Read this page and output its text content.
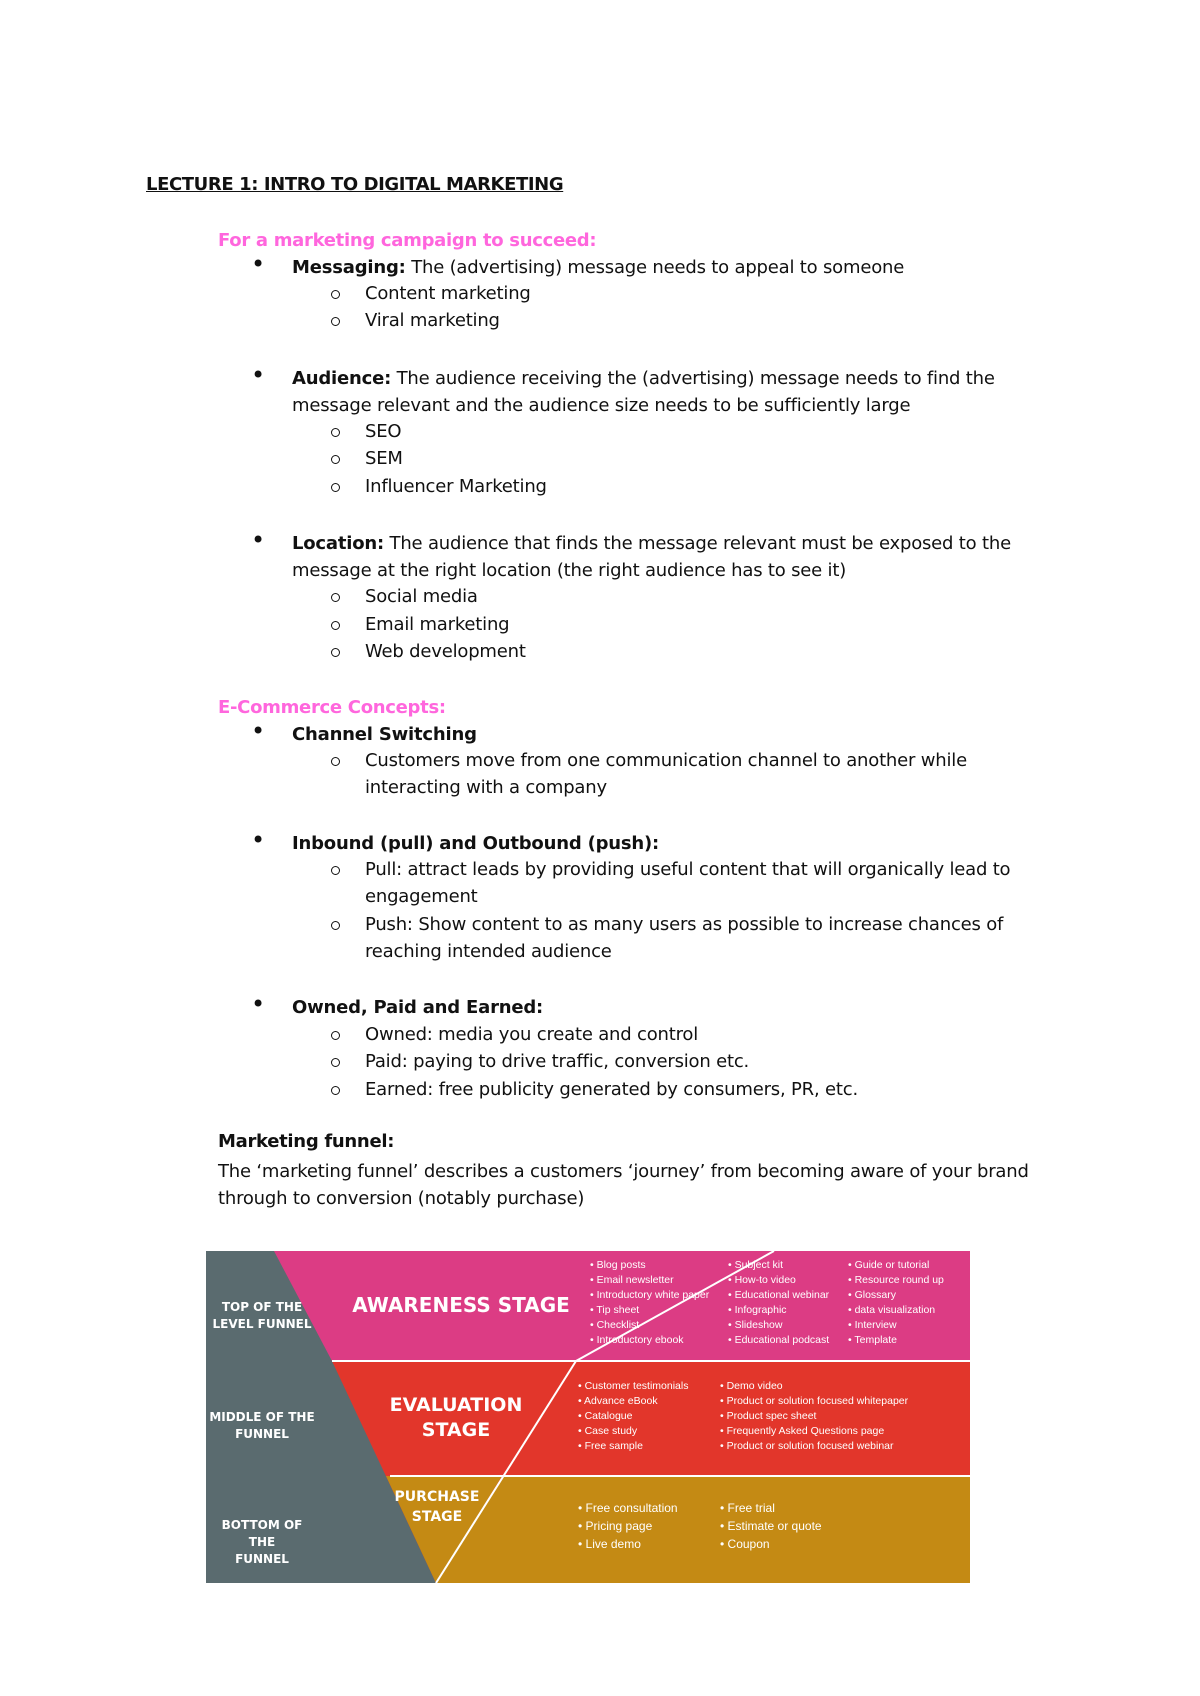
LECTURE 1: INTRO TO DIGITAL MARKETING
For a marketing campaign to succeed:
•
Messaging: The (advertising) message needs to appeal to someone
Content marketing
Viral marketing
•
Audience: The audience receiving the (advertising) message needs to find the
message relevant and the audience size needs to be sufficiently large
SEO
SEM
Influencer Marketing
•
Location: The audience that finds the message relevant must be exposed to the
message at the right location (the right audience has to see it)
Social media
Email marketing
Web development
E-Commerce Concepts:
•
Channel Switching
Customers move from one communication channel to another while
interacting with a company
•
Inbound (pull) and Outbound (push):
Pull: attract leads by providing useful content that will organically lead to
engagement
Push: Show content to as many users as possible to increase chances of
reaching intended audience
•
Owned, Paid and Earned:
Owned: media you create and control
Paid: paying to drive traffic, conversion etc.
Earned: free publicity generated by consumers, PR, etc.
Marketing funnel:
The ‘marketing funnel’ describes a customers ‘journey’ from becoming aware of your brand
through to conversion (notably purchase)
TOP OF THE
LEVEL FUNNEL
MIDDLE OF THE
FUNNEL
BOTTOM OF THE
FUNNEL
AWARENESS STAGE
EVALUATION
STAGE
PURCHASE
STAGE
• Blog posts
• Email newsletter
• Introductory white paper
• Tip sheet
• Checklist
• Introductory ebook
• Subject kit
• How-to video
• Educational webinar
• Infographic
• Slideshow
• Educational podcast
• Guide or tutorial
• Resource round up
• Glossary
• data visualization
• Interview
• Template
• Customer testimonials
• Advance eBook
• Catalogue
• Case study
• Free sample
• Demo video
• Product or solution focused whitepaper
• Product spec sheet
• Frequently Asked Questions page
• Product or solution focused webinar
• Free consultation
• Pricing page
• Live demo
• Free trial
• Estimate or quote
• Coupon
